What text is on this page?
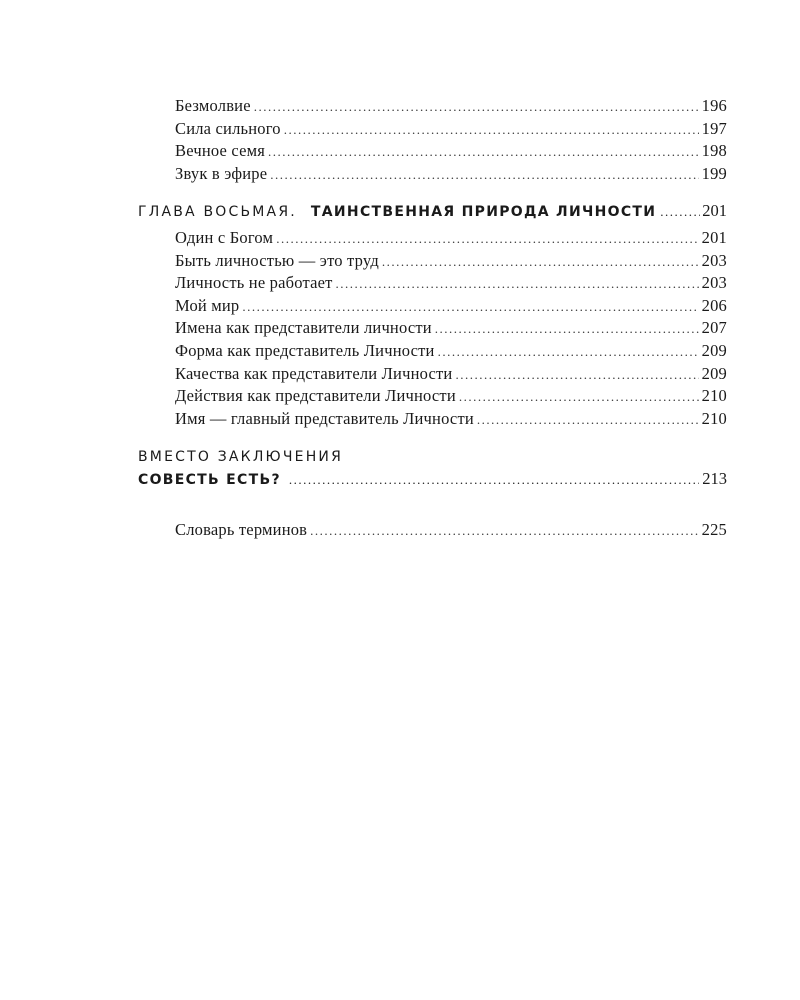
Безмолвие .....	196
Сила сильного .....	197
Вечное семя .....	198
Звук в эфире .....	199
ГЛАВА ВОСЬМАЯ. ТАИНСТВЕННАЯ ПРИРОДА ЛИЧНОСТИ .....	201
Один с Богом .....	201
Быть личностью — это труд .....	203
Личность не работает .....	203
Мой мир .....	206
Имена как представители личности .....	207
Форма как представитель Личности .....	209
Качества как представители Личности .....	209
Действия как представители Личности .....	210
Имя — главный представитель Личности .....	210
ВМЕСТО ЗАКЛЮЧЕНИЯ
СОВЕСТЬ ЕСТЬ? .....	213
Словарь терминов .....	225
